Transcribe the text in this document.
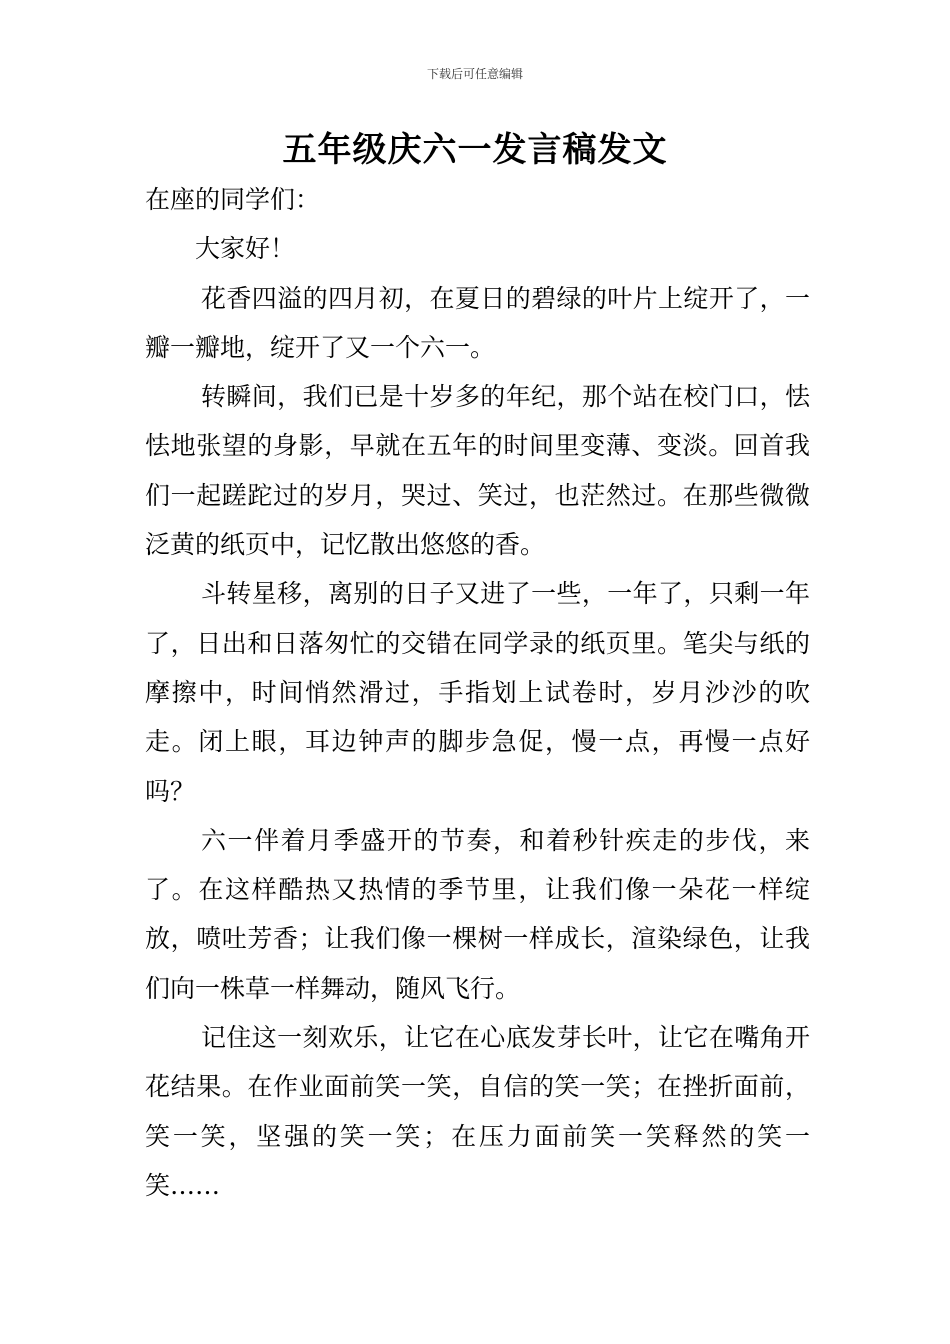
下载后可任意编辑
五年级庆六一发言稿发文

在座的同学们：

大家好！

花香四溢的四月初，在夏日的碧绿的叶片上绽开了，一瓣一瓣地，绽开了又一个六一。

转瞬间，我们已是十岁多的年纪，那个站在校门口，怯怯地张望的身影，早就在五年的时间里变薄、变淡。回首我们一起蹉跎过的岁月，哭过、笑过，也茫然过。在那些微微泛黄的纸页中，记忆散出悠悠的香。

斗转星移，离别的日子又进了一些，一年了，只剩一年了，日出和日落匆忙的交错在同学录的纸页里。笔尖与纸的摩擦中，时间悄然滑过，手指划上试卷时，岁月沙沙的吹走。闭上眼，耳边钟声的脚步急促，慢一点，再慢一点好吗？

六一伴着月季盛开的节奏，和着秒针疾走的步伐，来了。在这样酷热又热情的季节里，让我们像一朵花一样绽放，喷吐芳香；让我们像一棵树一样成长，渲染绿色，让我们向一株草一样舞动，随风飞行。

记住这一刻欢乐，让它在心底发芽长叶，让它在嘴角开花结果。在作业面前笑一笑，自信的笑一笑；在挫折面前，笑一笑，坚强的笑一笑；在压力面前笑一笑释然的笑一笑……
